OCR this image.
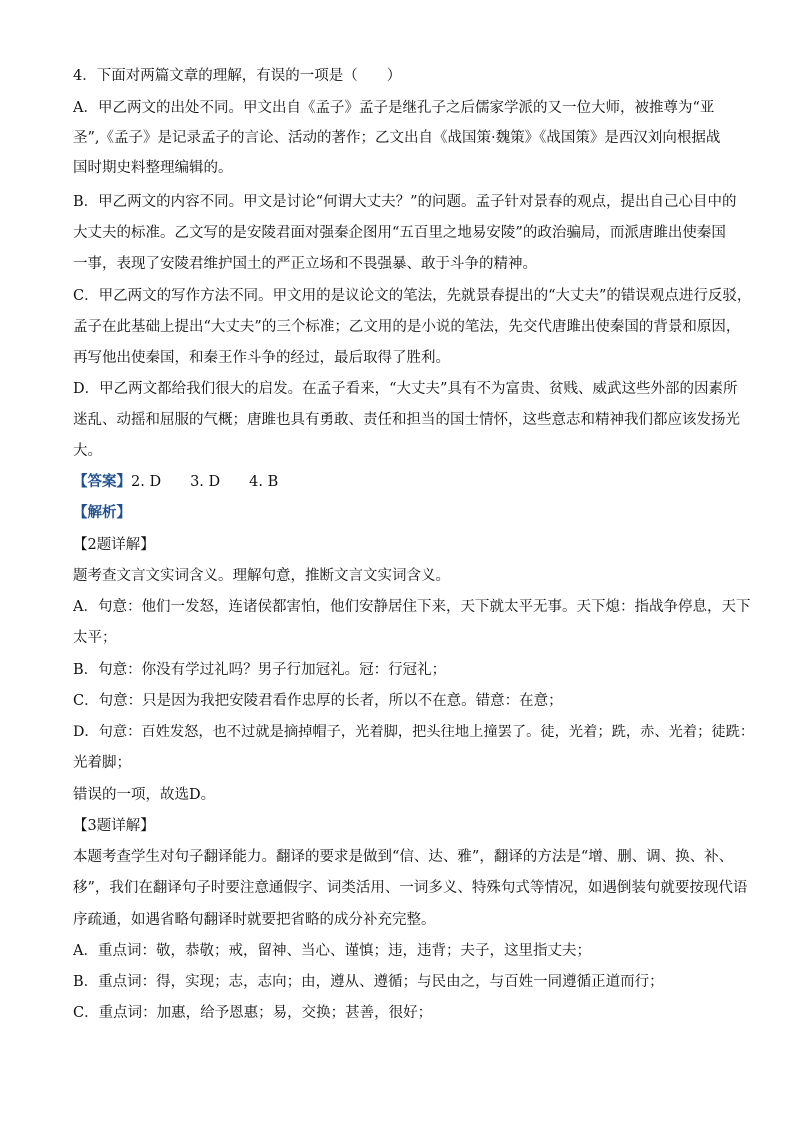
4．下面对两篇文章的理解，有误的一项是（　　）
A．甲乙两文的出处不同。甲文出自《孟子》孟子是继孔子之后儒家学派的又一位大师，被推尊为“亚
圣”,《孟子》是记录孟子的言论、活动的著作；乙文出自《战国策·魏策》《战国策》是西汉刘向根据战
国时期史料整理编辑的。
B．甲乙两文的内容不同。甲文是讨论“何谓大丈夫？”的问题。孟子针对景春的观点，提出自己心目中的
大丈夫的标准。乙文写的是安陵君面对强秦企图用“五百里之地易安陵”的政治骗局，而派唐雎出使秦国
一事，表现了安陵君维护国土的严正立场和不畏强暴、敢于斗争的精神。
C．甲乙两文的写作方法不同。甲文用的是议论文的笔法，先就景春提出的“大丈夫”的错误观点进行反驳，
孟子在此基础上提出“大丈夫”的三个标准；乙文用的是小说的笔法，先交代唐雎出使秦国的背景和原因，
再写他出使秦国，和秦王作斗争的经过，最后取得了胜利。
D．甲乙两文都给我们很大的启发。在孟子看来，“大丈夫”具有不为富贵、贫贱、威武这些外部的因素所
迷乱、动摇和屈服的气概；唐雎也具有勇敢、责任和担当的国士情怀，这些意志和精神我们都应该发扬光
大。
【答案】2. D　　3. D　　4. B
【解析】
【2题详解】
题考查文言文实词含义。理解句意，推断文言文实词含义。
A．句意：他们一发怒，连诸侯都害怕，他们安静居住下来，天下就太平无事。天下熄：指战争停息，天下
太平；
B．句意：你没有学过礼吗？男子行加冠礼。冠：行冠礼；
C．句意：只是因为我把安陵君看作忠厚的长者，所以不在意。错意：在意；
D．句意：百姓发怒，也不过就是摘掉帽子，光着脚，把头往地上撞罢了。徒，光着；跣，赤、光着；徒跣：
光着脚；
错误的一项，故选D。
【3题详解】
本题考查学生对句子翻译能力。翻译的要求是做到“信、达、雅”，翻译的方法是“增、删、调、换、补、
移”，我们在翻译句子时要注意通假字、词类活用、一词多义、特殊句式等情况，如遇倒装句就要按现代语
序疏通，如遇省略句翻译时就要把省略的成分补充完整。
A．重点词：敬，恭敬；戒，留神、当心、谨慎；违，违背；夫子，这里指丈夫；
B．重点词：得，实现；志，志向；由，遵从、遵循；与民由之，与百姓一同遵循正道而行；
C．重点词：加惠，给予恩惠；易，交换；甚善，很好；
